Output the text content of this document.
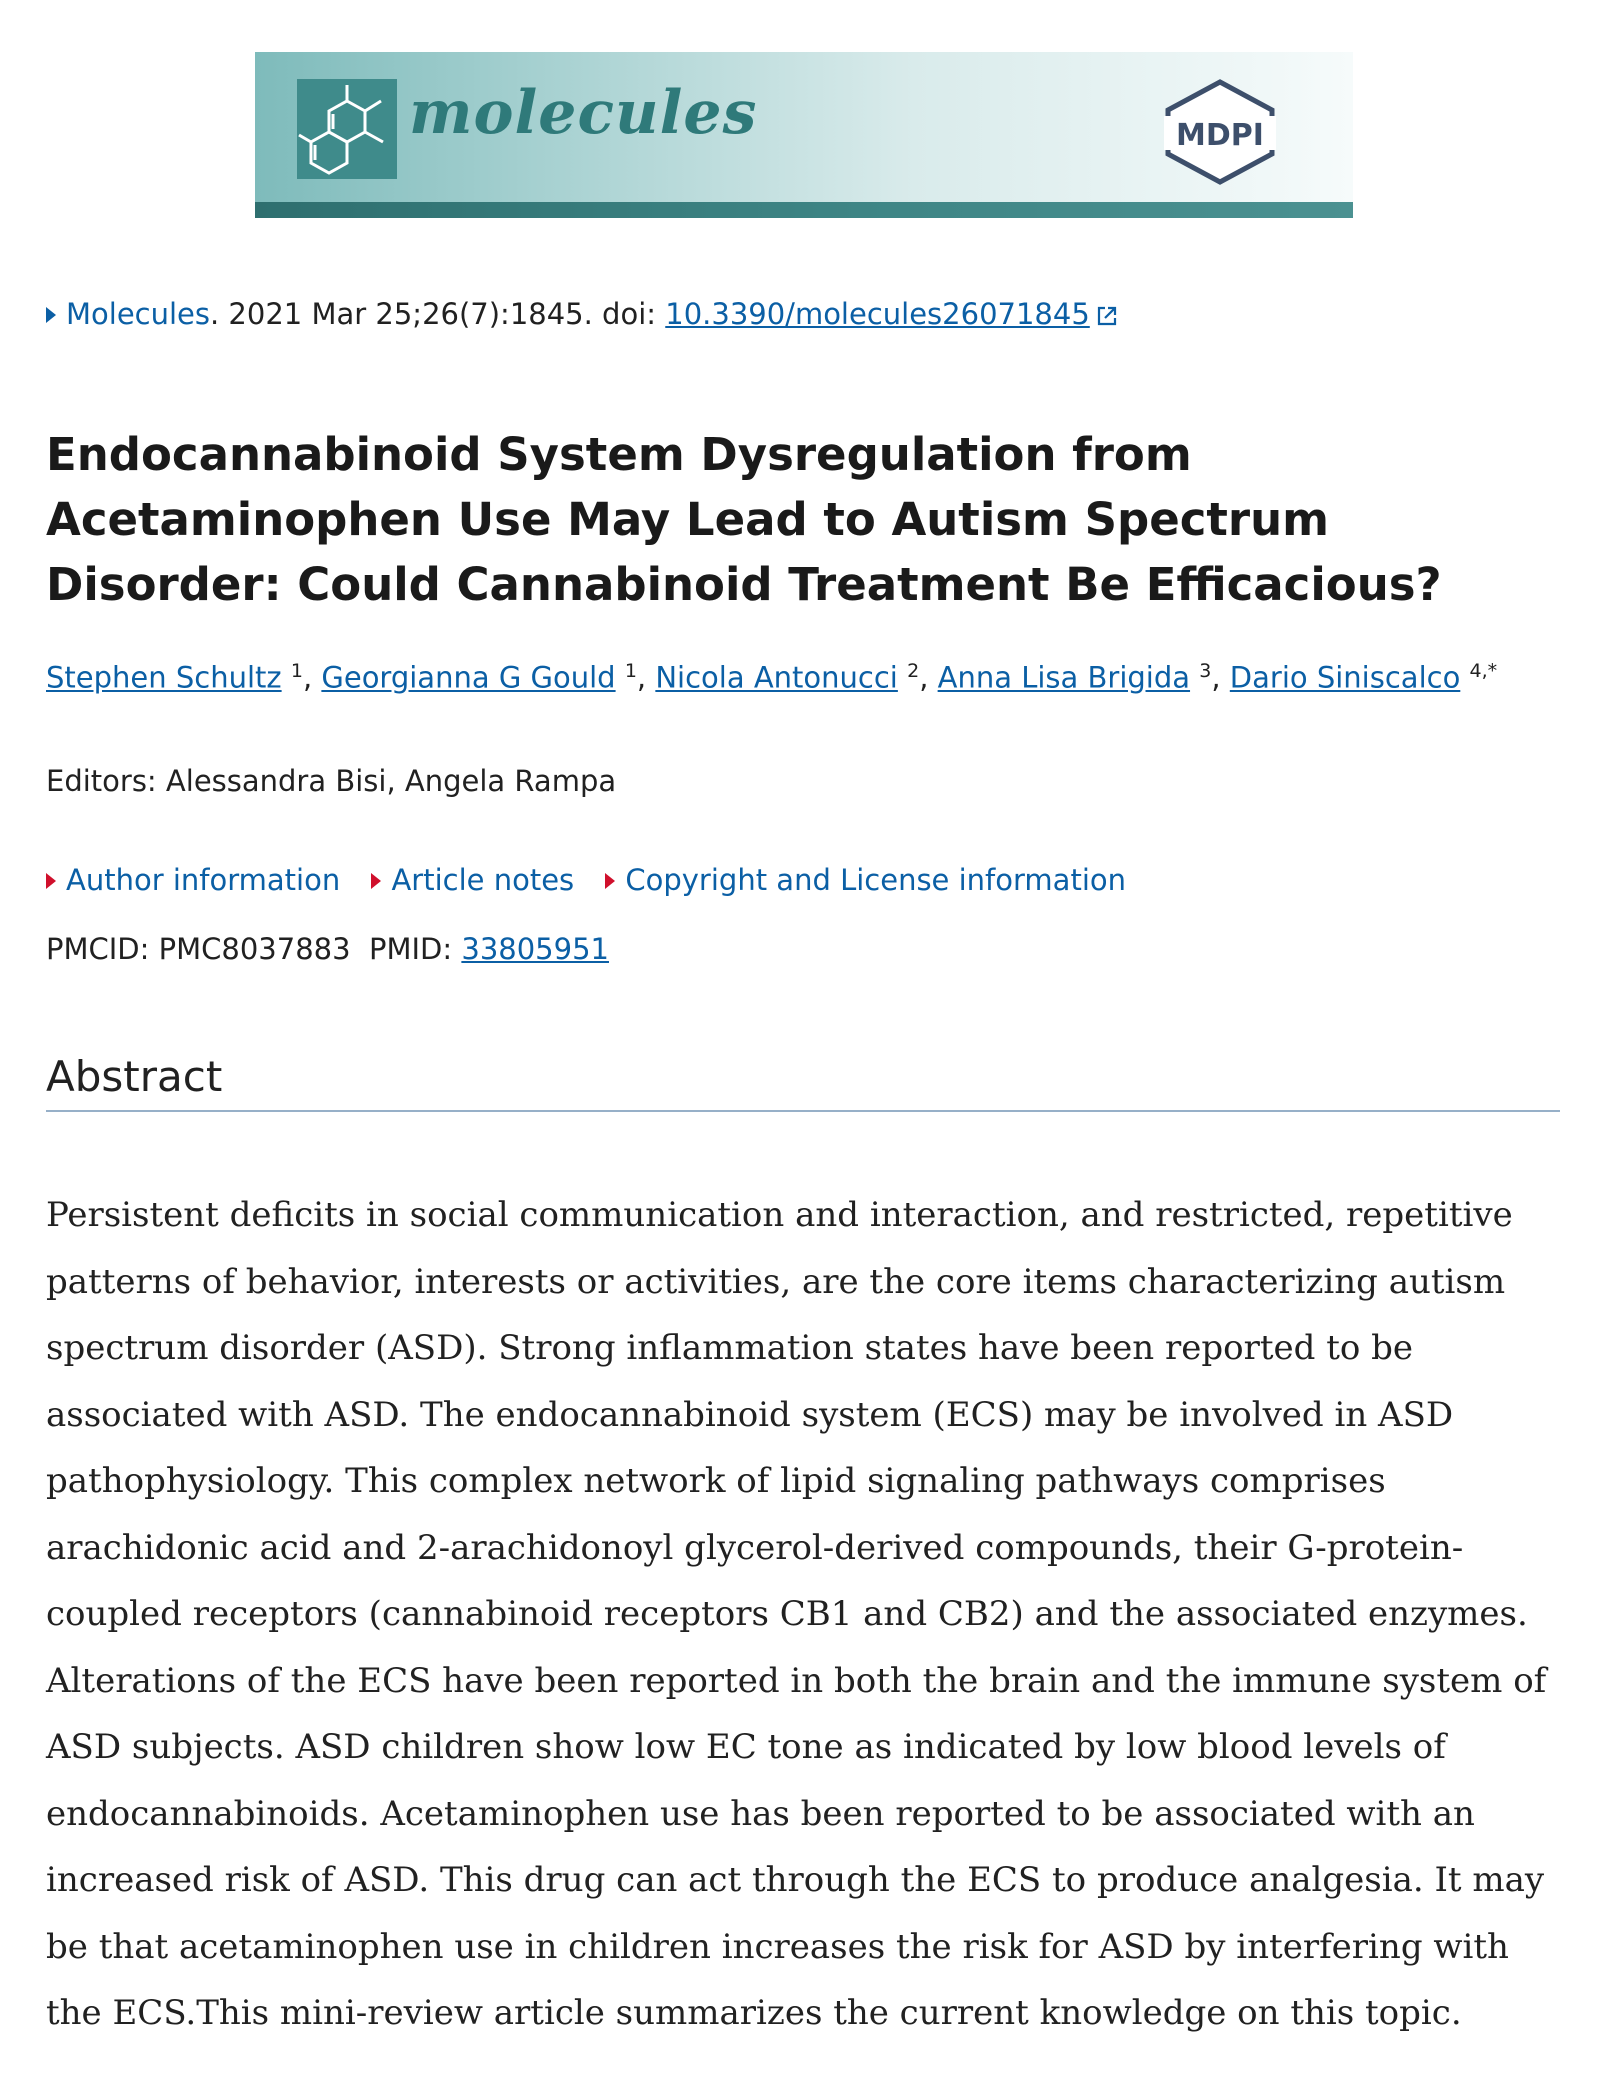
molecules	MDPI
Molecules. 2021 Mar 25;26(7):1845. doi: 10.3390/molecules26071845
Endocannabinoid System Dysregulation from Acetaminophen Use May Lead to Autism Spectrum Disorder: Could Cannabinoid Treatment Be Efficacious?
Stephen Schultz $^1$, Georgianna G Gould $^1$, Nicola Antonucci $^2$, Anna Lisa Brigida $^3$, Dario Siniscalco $^{4,*}$
Editors: Alessandra Bisi, Angela Rampa
Author information Article notes Copyright and License information
PMCID: PMC8037883  PMID: 33805951
Abstract

Persistent deficits in social communication and interaction, and restricted, repetitive patterns of behavior, interests or activities, are the core items characterizing autism spectrum disorder (ASD). Strong inflammation states have been reported to be associated with ASD. The endocannabinoid system (ECS) may be involved in ASD pathophysiology. This complex network of lipid signaling pathways comprises arachidonic acid and 2-arachidonoyl glycerol-derived compounds, their G-protein-coupled receptors (cannabinoid receptors CB1 and CB2) and the associated enzymes. Alterations of the ECS have been reported in both the brain and the immune system of ASD subjects. ASD children show low EC tone as indicated by low blood levels of endocannabinoids. Acetaminophen use has been reported to be associated with an increased risk of ASD. This drug can act through the ECS to produce analgesia. It may be that acetaminophen use in children increases the risk for ASD by interfering with the ECS.This mini-review article summarizes the current knowledge on this topic.
